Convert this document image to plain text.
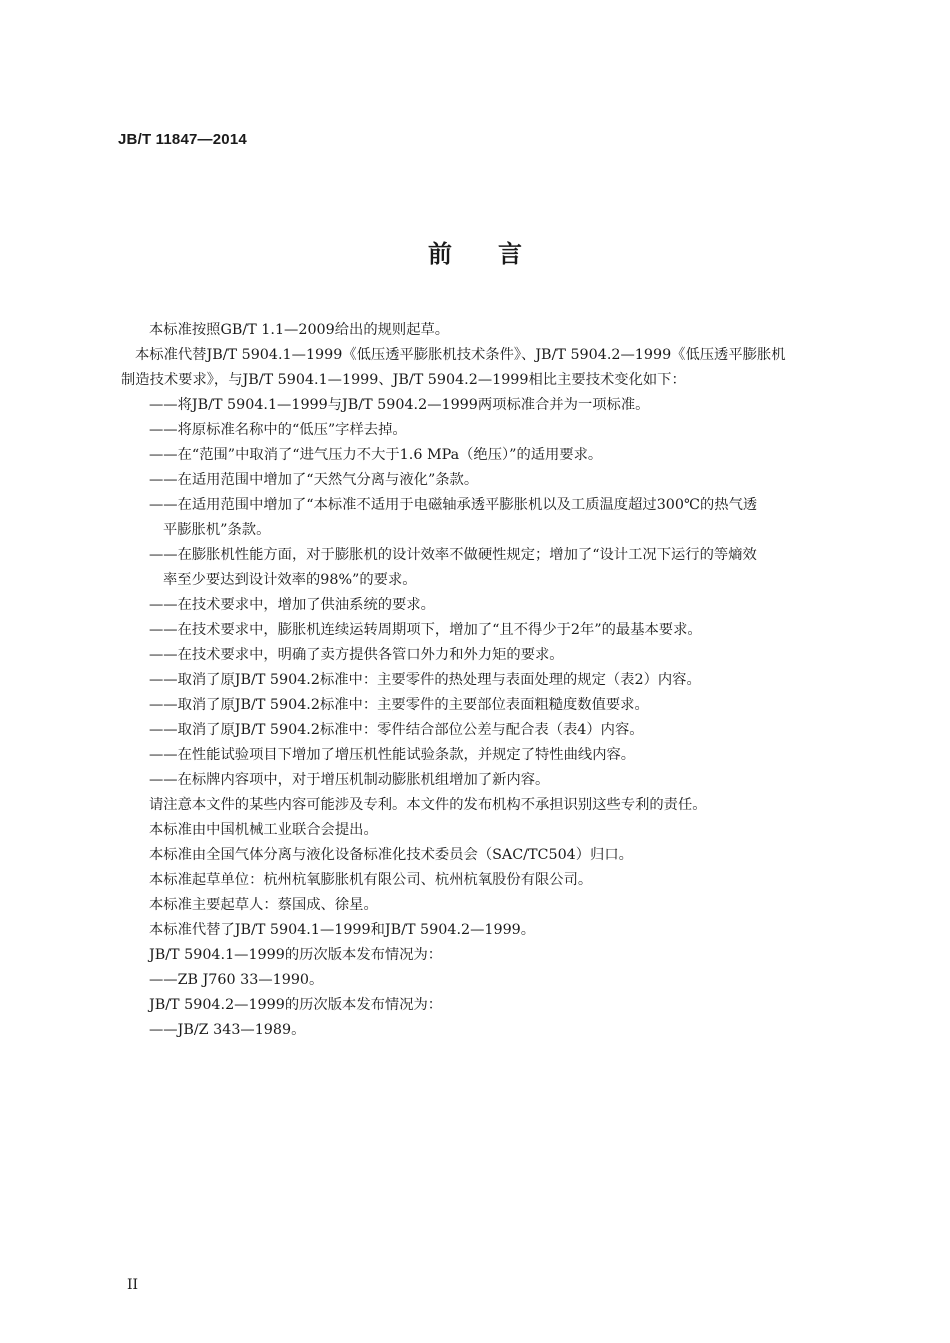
JB/T 11847—2014
前言

本标准按照GB/T 1.1—2009给出的规则起草。

本标准代替JB/T 5904.1—1999《低压透平膨胀机技术条件》、JB/T 5904.2—1999《低压透平膨胀机
制造技术要求》，与JB/T 5904.1—1999、JB/T 5904.2—1999相比主要技术变化如下：

——将JB/T 5904.1—1999与JB/T 5904.2—1999两项标准合并为一项标准。

——将原标准名称中的“低压”字样去掉。

——在“范围”中取消了“进气压力不大于1.6 MPa（绝压）”的适用要求。

——在适用范围中增加了“天然气分离与液化”条款。

——在适用范围中增加了“本标准不适用于电磁轴承透平膨胀机以及工质温度超过300℃的热气透
平膨胀机”条款。
——在膨胀机性能方面，对于膨胀机的设计效率不做硬性规定；增加了“设计工况下运行的等熵效
率至少要达到设计效率的98%”的要求。

——在技术要求中，增加了供油系统的要求。

——在技术要求中，膨胀机连续运转周期项下，增加了“且不得少于2年”的最基本要求。

——在技术要求中，明确了卖方提供各管口外力和外力矩的要求。

——取消了原JB/T 5904.2标准中：主要零件的热处理与表面处理的规定（表2）内容。

——取消了原JB/T 5904.2标准中：主要零件的主要部位表面粗糙度数值要求。

——取消了原JB/T 5904.2标准中：零件结合部位公差与配合表（表4）内容。

——在性能试验项目下增加了增压机性能试验条款，并规定了特性曲线内容。

——在标牌内容项中，对于增压机制动膨胀机组增加了新内容。

请注意本文件的某些内容可能涉及专利。本文件的发布机构不承担识别这些专利的责任。

本标准由中国机械工业联合会提出。

本标准由全国气体分离与液化设备标准化技术委员会（SAC/TC504）归口。

本标准起草单位：杭州杭氧膨胀机有限公司、杭州杭氧股份有限公司。

本标准主要起草人：蔡国成、徐星。

本标准代替了JB/T 5904.1—1999和JB/T 5904.2—1999。

JB/T 5904.1—1999的历次版本发布情况为：

——ZB J760 33—1990。

JB/T 5904.2—1999的历次版本发布情况为：

——JB/Z 343—1989。

II
